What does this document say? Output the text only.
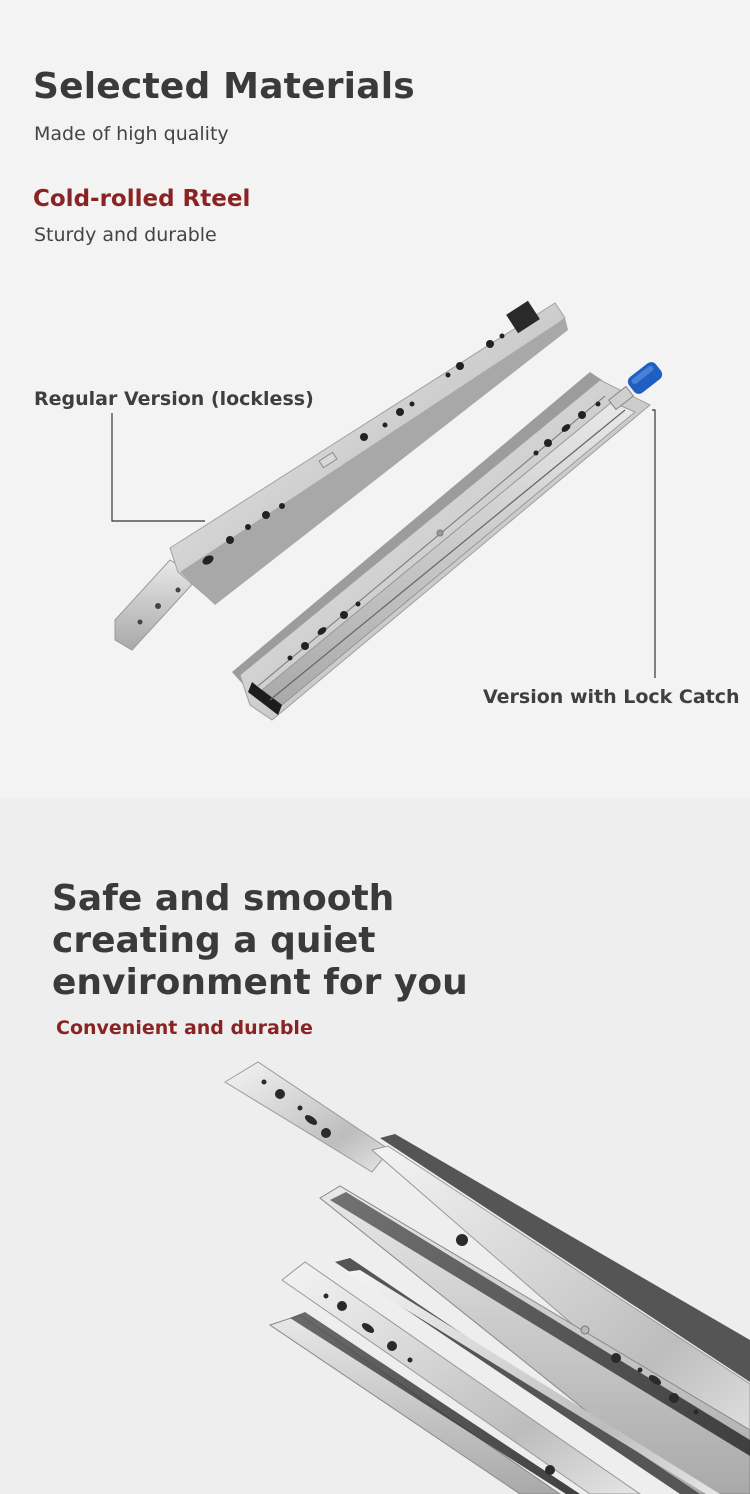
Selected Materials
Made of high quality
Cold-rolled Rteel
Sturdy and durable
Regular Version (lockless)
Version with Lock Catch
Safe and smooth
creating a quiet
environment for you
Convenient and durable
